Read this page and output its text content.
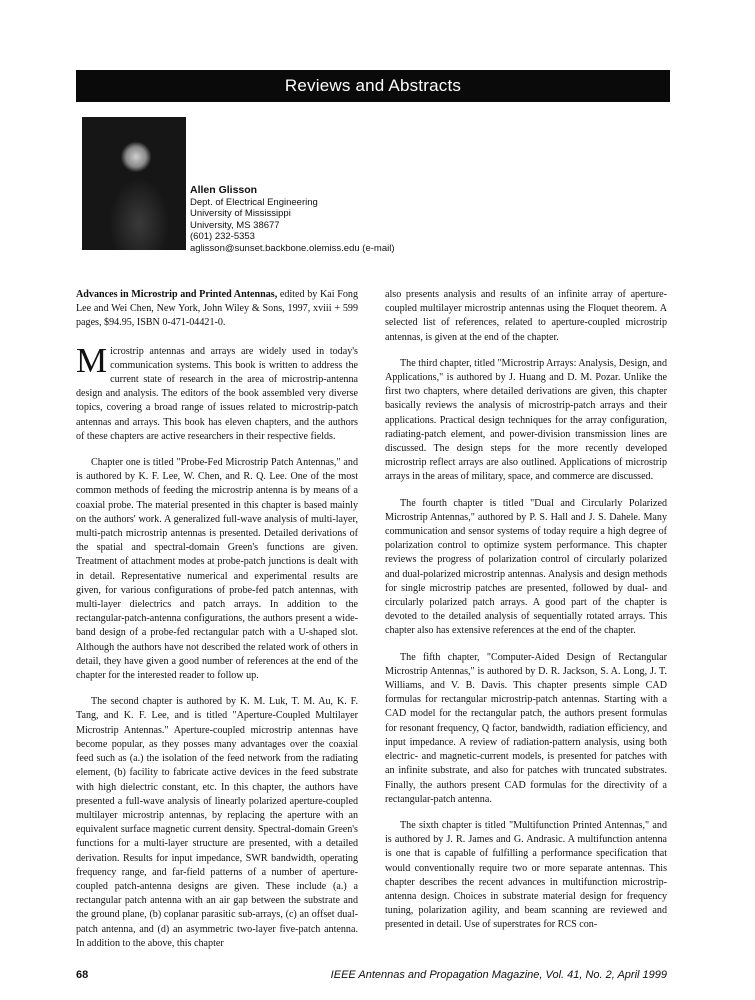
Reviews and Abstracts
Allen Glisson
Dept. of Electrical Engineering
University of Mississippi
University, MS 38677
(601) 232-5353
aglisson@sunset.backbone.olemiss.edu (e-mail)

Advances in Microstrip and Printed Antennas, edited by Kai Fong Lee and Wei Chen, New York, John Wiley & Sons, 1997, xviii + 599 pages, $94.95, ISBN 0-471-04421-0.

Microstrip antennas and arrays are widely used in today's communication systems. This book is written to address the current state of research in the area of microstrip-antenna design and analysis. The editors of the book assembled very diverse topics, covering a broad range of issues related to microstrip-patch antennas and arrays. This book has eleven chapters, and the authors of these chapters are active researchers in their respective fields.

Chapter one is titled "Probe-Fed Microstrip Patch Antennas," and is authored by K. F. Lee, W. Chen, and R. Q. Lee. One of the most common methods of feeding the microstrip antenna is by means of a coaxial probe. The material presented in this chapter is based mainly on the authors' work. A generalized full-wave analysis of multi-layer, multi-patch microstrip antennas is presented. Detailed derivations of the spatial and spectral-domain Green's functions are given. Treatment of attachment modes at probe-patch junctions is dealt with in detail. Representative numerical and experimental results are given, for various configurations of probe-fed patch antennas, with multi-layer dielectrics and patch arrays. In addition to the rectangular-patch-antenna configurations, the authors present a wide-band design of a probe-fed rectangular patch with a U-shaped slot. Although the authors have not described the related work of others in detail, they have given a good number of references at the end of the chapter for the interested reader to follow up.

The second chapter is authored by K. M. Luk, T. M. Au, K. F. Tang, and K. F. Lee, and is titled "Aperture-Coupled Multilayer Microstrip Antennas." Aperture-coupled microstrip antennas have become popular, as they posses many advantages over the coaxial feed such as (a.) the isolation of the feed network from the radiating element, (b) facility to fabricate active devices in the feed substrate with high dielectric constant, etc. In this chapter, the authors have presented a full-wave analysis of linearly polarized aperture-coupled multilayer microstrip antennas, by replacing the aperture with an equivalent surface magnetic current density. Spectral-domain Green's functions for a multi-layer structure are presented, with a detailed derivation. Results for input impedance, SWR bandwidth, operating frequency range, and far-field patterns of a number of aperture-coupled patch-antenna designs are given. These include (a.) a rectangular patch antenna with an air gap between the substrate and the ground plane, (b) coplanar parasitic sub-arrays, (c) an offset dual-patch antenna, and (d) an asymmetric two-layer five-patch antenna. In addition to the above, this chapter

also presents analysis and results of an infinite array of aperture-coupled multilayer microstrip antennas using the Floquet theorem. A selected list of references, related to aperture-coupled microstrip antennas, is given at the end of the chapter.

The third chapter, titled "Microstrip Arrays: Analysis, Design, and Applications," is authored by J. Huang and D. M. Pozar. Unlike the first two chapters, where detailed derivations are given, this chapter basically reviews the analysis of microstrip-patch arrays and their applications. Practical design techniques for the array configuration, radiating-patch element, and power-division transmission lines are discussed. The design steps for the more recently developed microstrip reflect arrays are also outlined. Applications of microstrip arrays in the areas of military, space, and commerce are discussed.

The fourth chapter is titled "Dual and Circularly Polarized Microstrip Antennas," authored by P. S. Hall and J. S. Dahele. Many communication and sensor systems of today require a high degree of polarization control to optimize system performance. This chapter reviews the progress of polarization control of circularly polarized and dual-polarized microstrip antennas. Analysis and design methods for single microstrip patches are presented, followed by dual- and circularly polarized patch arrays. A good part of the chapter is devoted to the detailed analysis of sequentially rotated arrays. This chapter also has extensive references at the end of the chapter.

The fifth chapter, "Computer-Aided Design of Rectangular Microstrip Antennas," is authored by D. R. Jackson, S. A. Long, J. T. Williams, and V. B. Davis. This chapter presents simple CAD formulas for rectangular microstrip-patch antennas. Starting with a CAD model for the rectangular patch, the authors present formulas for resonant frequency, Q factor, bandwidth, radiation efficiency, and input impedance. A review of radiation-pattern analysis, using both electric- and magnetic-current models, is presented for patches with an infinite substrate, and also for patches with truncated substrates. Finally, the authors present CAD formulas for the directivity of a rectangular-patch antenna.

The sixth chapter is titled "Multifunction Printed Antennas," and is authored by J. R. James and G. Andrasic. A multifunction antenna is one that is capable of fulfilling a performance specification that would conventionally require two or more separate antennas. This chapter describes the recent advances in multifunction microstrip-antenna design. Choices in substrate material design for frequency tuning, polarization agility, and beam scanning are reviewed and presented in detail. Use of superstrates for RCS con-

68	IEEE Antennas and Propagation Magazine, Vol. 41, No. 2, April 1999
